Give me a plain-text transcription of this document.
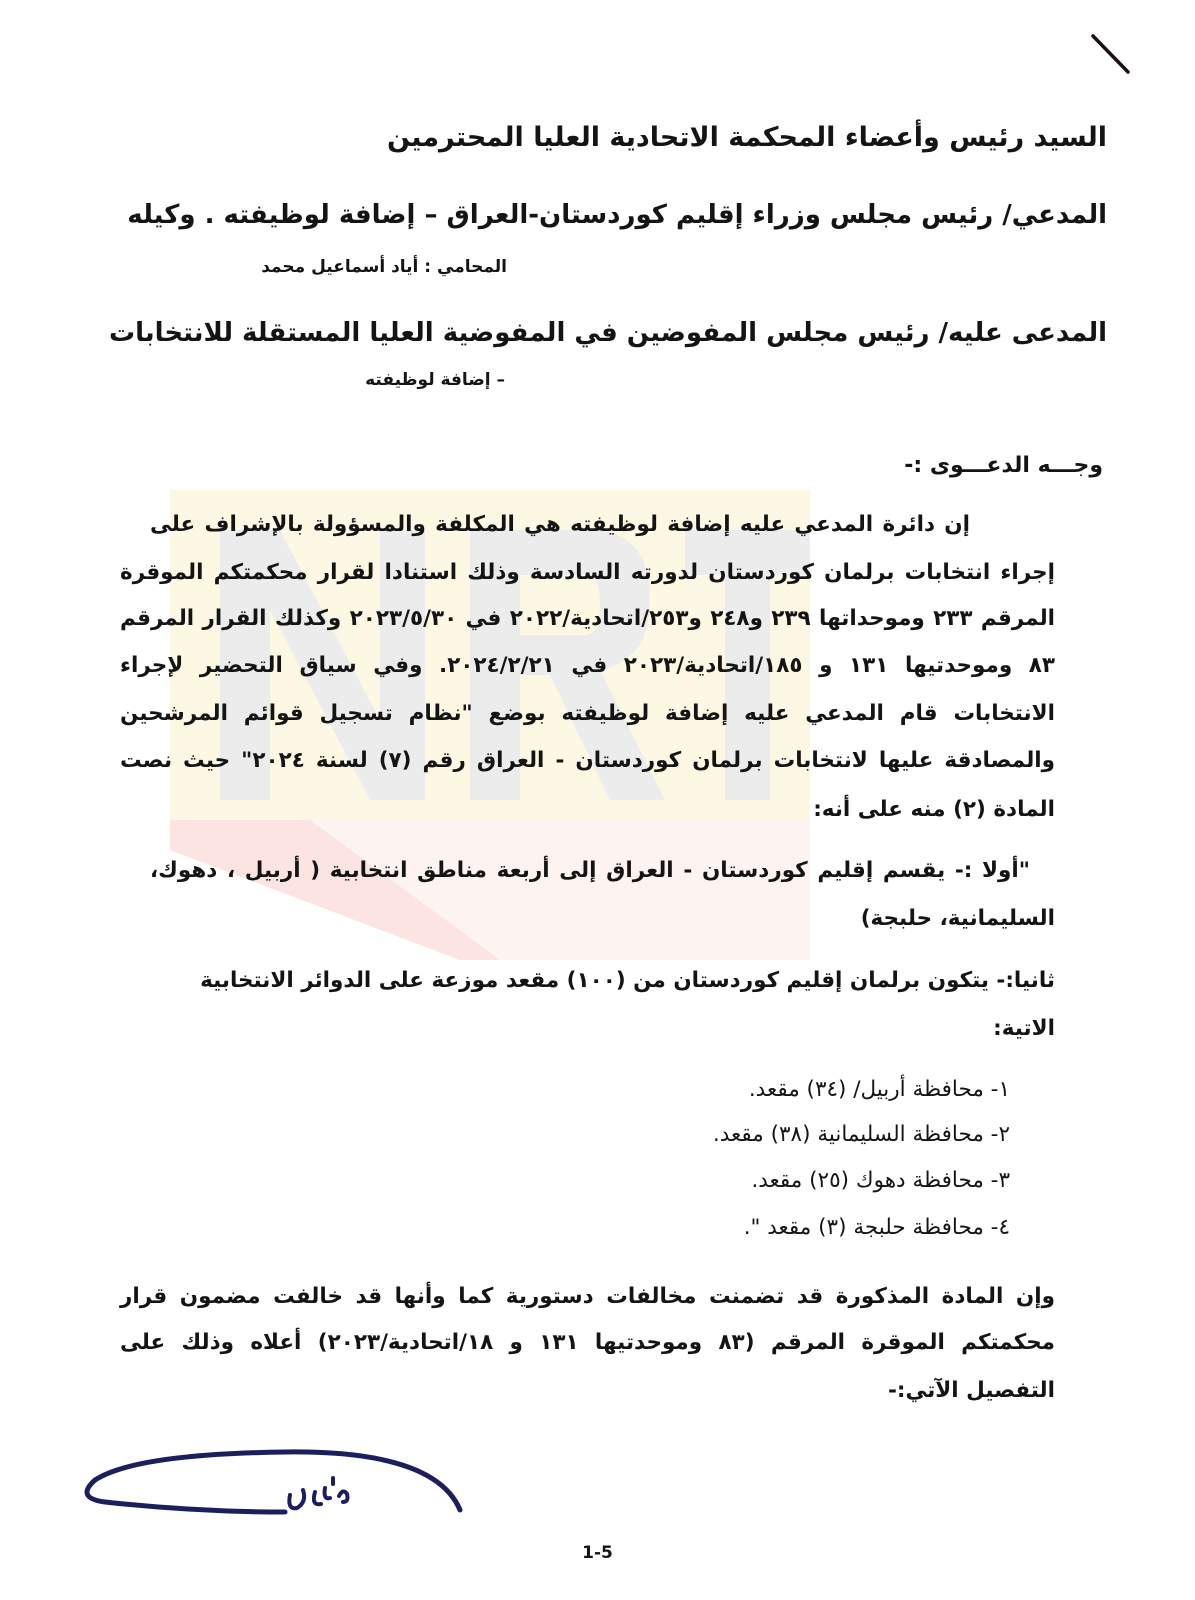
السيد رئيس وأعضاء المحكمة الاتحادية العليا المحترمين
المدعي/ رئيس مجلس وزراء إقليم كوردستان-العراق – إضافة لوظيفته . وكيله
المحامي : أياد أسماعيل محمد
المدعى عليه/ رئيس مجلس المفوضين في المفوضية العليا المستقلة للانتخابات
– إضافة لوظيفته
وجـــه الدعـــوى :-
إن دائرة المدعي عليه إضافة لوظيفته هي المكلفة والمسؤولة بالإشراف على
إجراء انتخابات برلمان كوردستان لدورته السادسة وذلك استنادا لقرار محكمتكم الموقرة
المرقم ٢٣٣ وموحداتها ٢٣٩ و٢٤٨ و٢٥٣/اتحادية/٢٠٢٢ في ٢٠٢٣/٥/٣٠ وكذلك القرار المرقم
٨٣ وموحدتيها ١٣١ و ١٨٥/اتحادية/٢٠٢٣ في ٢٠٢٤/٢/٢١. وفي سياق التحضير لإجراء
الانتخابات قام المدعي عليه إضافة لوظيفته بوضع "نظام تسجيل قوائم المرشحين
والمصادقة عليها لانتخابات برلمان كوردستان - العراق رقم (٧) لسنة ٢٠٢٤" حيث نصت
المادة (٢) منه على أنه:
"أولا :- يقسم إقليم كوردستان - العراق إلى أربعة مناطق انتخابية ( أربيل ، دهوك،
السليمانية، حلبجة)
ثانيا:- يتكون برلمان إقليم كوردستان من (١٠٠) مقعد موزعة على الدوائر الانتخابية
الاتية:
١- محافظة أربيل/ (٣٤) مقعد.
٢- محافظة السليمانية (٣٨) مقعد.
٣- محافظة دهوك (٢٥) مقعد.
٤- محافظة حلبجة (٣) مقعد ".
وإن المادة المذكورة قد تضمنت مخالفات دستورية كما وأنها قد خالفت مضمون قرار
محكمتكم الموقرة المرقم (٨٣ وموحدتيها ١٣١ و ١٨/اتحادية/٢٠٢٣) أعلاه وذلك على
التفصيل الآتي:-
1-5
